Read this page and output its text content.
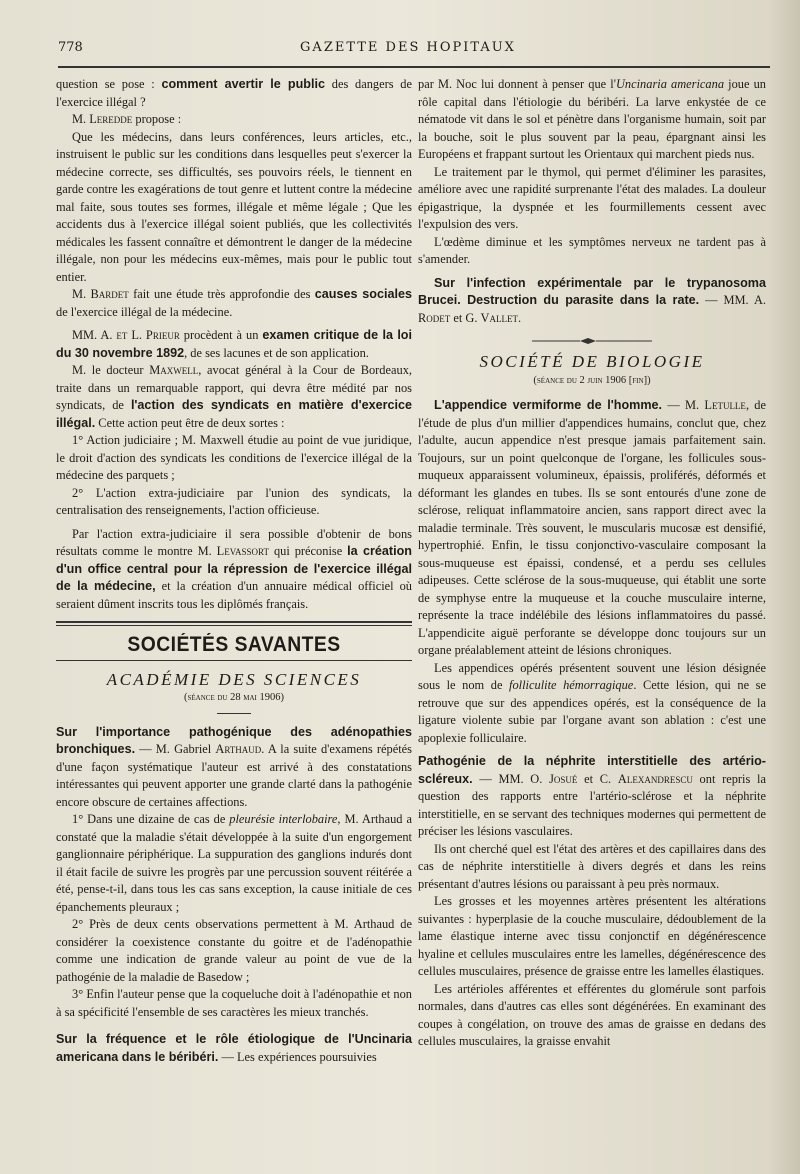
778	GAZETTE DES HOPITAUX

question se pose : comment avertir le public des dangers de l'exercice illégal ?

M. Leredde propose :

Que les médecins, dans leurs conférences, leurs articles, etc., instruisent le public sur les conditions dans lesquelles peut s'exercer la médecine correcte, ses difficultés, ses pouvoirs réels, le tiennent en garde contre les exagérations de tout genre et luttent contre la médecine mal faite, sous toutes ses formes, illégale et même légale ; Que les accidents dus à l'exercice illégal soient publiés, que les collectivités médicales les fassent connaître et démontrent le danger de la médecine illégale, non pour les médecins eux-mêmes, mais pour le public tout entier.

M. Bardet fait une étude très approfondie des causes sociales de l'exercice illégal de la médecine.

MM. A. et L. Prieur procèdent à un examen critique de la loi du 30 novembre 1892, de ses lacunes et de son application.

M. le docteur Maxwell, avocat général à la Cour de Bordeaux, traite dans un remarquable rapport, qui devra être médité par nos syndicats, de l'action des syndicats en matière d'exercice illégal. Cette action peut être de deux sortes :

1° Action judiciaire ; M. Maxwell étudie au point de vue juridique, le droit d'action des syndicats les conditions de l'exercice illégal de la médecine des parquets ;

2° L'action extra-judiciaire par l'union des syndicats, la centralisation des renseignements, l'action officieuse.

Par l'action extra-judiciaire il sera possible d'obtenir de bons résultats comme le montre M. Levassort qui préconise la création d'un office central pour la répression de l'exercice illégal de la médecine, et la création d'un annuaire médical officiel où seraient dûment inscrits tous les diplômés français.

SOCIÉTÉS SAVANTES
ACADÉMIE DES SCIENCES
(séance du 28 mai 1906)

Sur l'importance pathogénique des adénopathies bronchiques. — M. Gabriel Arthaud. A la suite d'examens répétés d'une façon systématique l'auteur est arrivé à des constatations intéressantes qui peuvent apporter une grande clarté dans la pathogénie encore obscure de certaines affections.

1° Dans une dizaine de cas de pleurésie interlobaire, M. Arthaud a constaté que la maladie s'était développée à la suite d'un engorgement ganglionnaire périphérique. La suppuration des ganglions indurés dont il était facile de suivre les progrès par une percussion souvent réitérée a été, pense-t-il, dans tous les cas sans exception, la cause initiale de ces épanchements pleuraux ;

2° Près de deux cents observations permettent à M. Arthaud de considérer la coexistence constante du goitre et de l'adénopathie comme une indication de grande valeur au point de vue de la pathogénie de la maladie de Basedow ;

3° Enfin l'auteur pense que la coqueluche doit à l'adénopathie et non à sa spécificité l'ensemble de ses caractères les mieux tranchés.

Sur la fréquence et le rôle étiologique de l'Uncinaria americana dans le béribéri. — Les expériences poursuivies

par M. Noc lui donnent à penser que l'Uncinaria americana joue un rôle capital dans l'étiologie du béribéri. La larve enkystée de ce nématode vit dans le sol et pénètre dans l'organisme humain, soit par la bouche, soit le plus souvent par la peau, épargnant ainsi les Européens et frappant surtout les Orientaux qui marchent pieds nus.

Le traitement par le thymol, qui permet d'éliminer les parasites, améliore avec une rapidité surprenante l'état des malades. La douleur épigastrique, la dyspnée et les fourmillements cessent avec l'expulsion des vers.

L'œdème diminue et les symptômes nerveux ne tardent pas à s'amender.

Sur l'infection expérimentale par le trypanosoma Brucei. Destruction du parasite dans la rate. — MM. A. Rodet et G. Vallet.

SOCIÉTÉ DE BIOLOGIE
(séance du 2 juin 1906 [fin])

L'appendice vermiforme de l'homme. — M. Letulle, de l'étude de plus d'un millier d'appendices humains, conclut que, chez l'adulte, aucun appendice n'est presque jamais parfaitement sain. Toujours, sur un point quelconque de l'organe, les follicules sous-muqueux apparaissent volumineux, épaissis, proliférés, déformés et déformant les glandes en tubes. Ils se sont entourés d'une zone de sclérose, reliquat inflammatoire ancien, sans rapport direct avec la maladie terminale. Très souvent, le muscularis mucosæ est densifié, hypertrophié. Enfin, le tissu conjonctivo-vasculaire composant la sous-muqueuse est épaissi, condensé, et a perdu ses cellules adipeuses. Cette sclérose de la sous-muqueuse, qui établit une sorte de symphyse entre la muqueuse et la couche musculaire interne, représente la trace indélébile des lésions inflammatoires du passé. L'appendicite aiguë perforante se développe donc toujours sur un organe préalablement atteint de lésions chroniques.

Les appendices opérés présentent souvent une lésion désignée sous le nom de folliculite hémorragique. Cette lésion, qui ne se retrouve que sur des appendices opérés, est la conséquence de la ligature violente subie par l'organe avant son ablation : c'est une apoplexie folliculaire.

Pathogénie de la néphrite interstitielle des artério-scléreux. — MM. O. Josué et C. Alexandrescu ont repris la question des rapports entre l'artério-sclérose et la néphrite interstitielle, en se servant des techniques modernes qui permettent de préciser les lésions vasculaires.

Ils ont cherché quel est l'état des artères et des capillaires dans des cas de néphrite interstitielle à divers degrés et dans les reins présentant d'autres lésions ou paraissant à peu près normaux.

Les grosses et les moyennes artères présentent les altérations suivantes : hyperplasie de la couche musculaire, dédoublement de la lame élastique interne avec tissu conjonctif en dégénérescence hyaline et cellules musculaires entre les lamelles, dégénérescence des cellules musculaires, présence de graisse entre les lamelles élastiques.

Les artérioles afférentes et efférentes du glomérule sont parfois normales, dans d'autres cas elles sont dégénérées. En examinant des coupes à congélation, on trouve des amas de graisse en dedans des cellules musculaires, la graisse envahit
